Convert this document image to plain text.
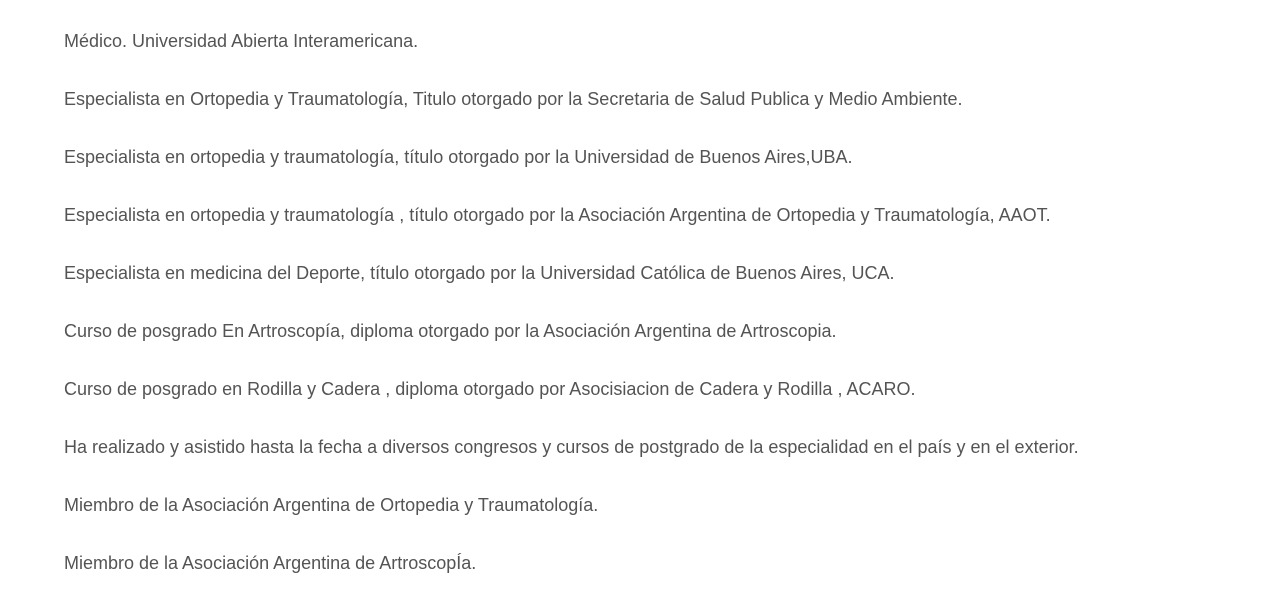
Médico. Universidad Abierta Interamericana.

Especialista en Ortopedia y Traumatología, Titulo otorgado por la Secretaria de Salud Publica y Medio Ambiente.

Especialista en ortopedia y traumatología, título otorgado por la Universidad de Buenos Aires,UBA.

Especialista en ortopedia y traumatología , título otorgado por la Asociación Argentina de Ortopedia y Traumatología, AAOT.

Especialista en medicina del Deporte, título otorgado por la Universidad Católica de Buenos Aires, UCA.

Curso de posgrado En Artroscopía, diploma otorgado por la Asociación Argentina de Artroscopia.

Curso de posgrado en Rodilla y Cadera , diploma otorgado por Asocisiacion de Cadera y Rodilla , ACARO.

Ha realizado y asistido hasta la fecha a diversos congresos y cursos de postgrado de la especialidad en el país y en el exterior.

Miembro de la Asociación Argentina de Ortopedia y Traumatología.

Miembro de la Asociación Argentina de ArtroscopÍa.
